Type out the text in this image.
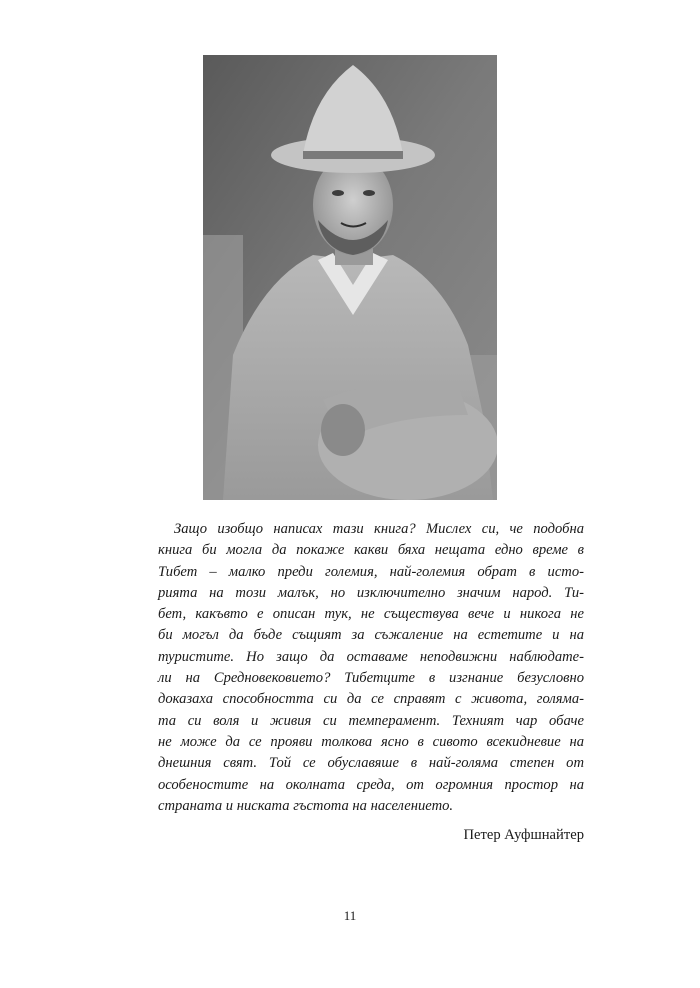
Защо изобщо написах тази книга? Мислех си, че подобна
книга би могла да покаже какви бяха нещата едно време в
Тибет – малко преди големия, най-големия обрат в исто-
рията на този малък, но изключително значим народ. Ти-
бет, какъвто е описан тук, не съществува вече и никога не
би могъл да бъде същият за съжаление на естетите и на
туристите. Но защо да оставаме неподвижни наблюдате-
ли на Средновековието? Тибетците в изгнание безусловно
доказаха способността си да се справят с живота, голяма-
та си воля и живия си темперамент. Техният чар обаче
не може да се прояви толкова ясно в сивото всекидневие на
днешния свят. Той се обуславяше в най-голяма степен от
особеностите на околната среда, от огромния простор на
страната и ниската гъстота на населението.

Петер Ауфшнайтер
11
